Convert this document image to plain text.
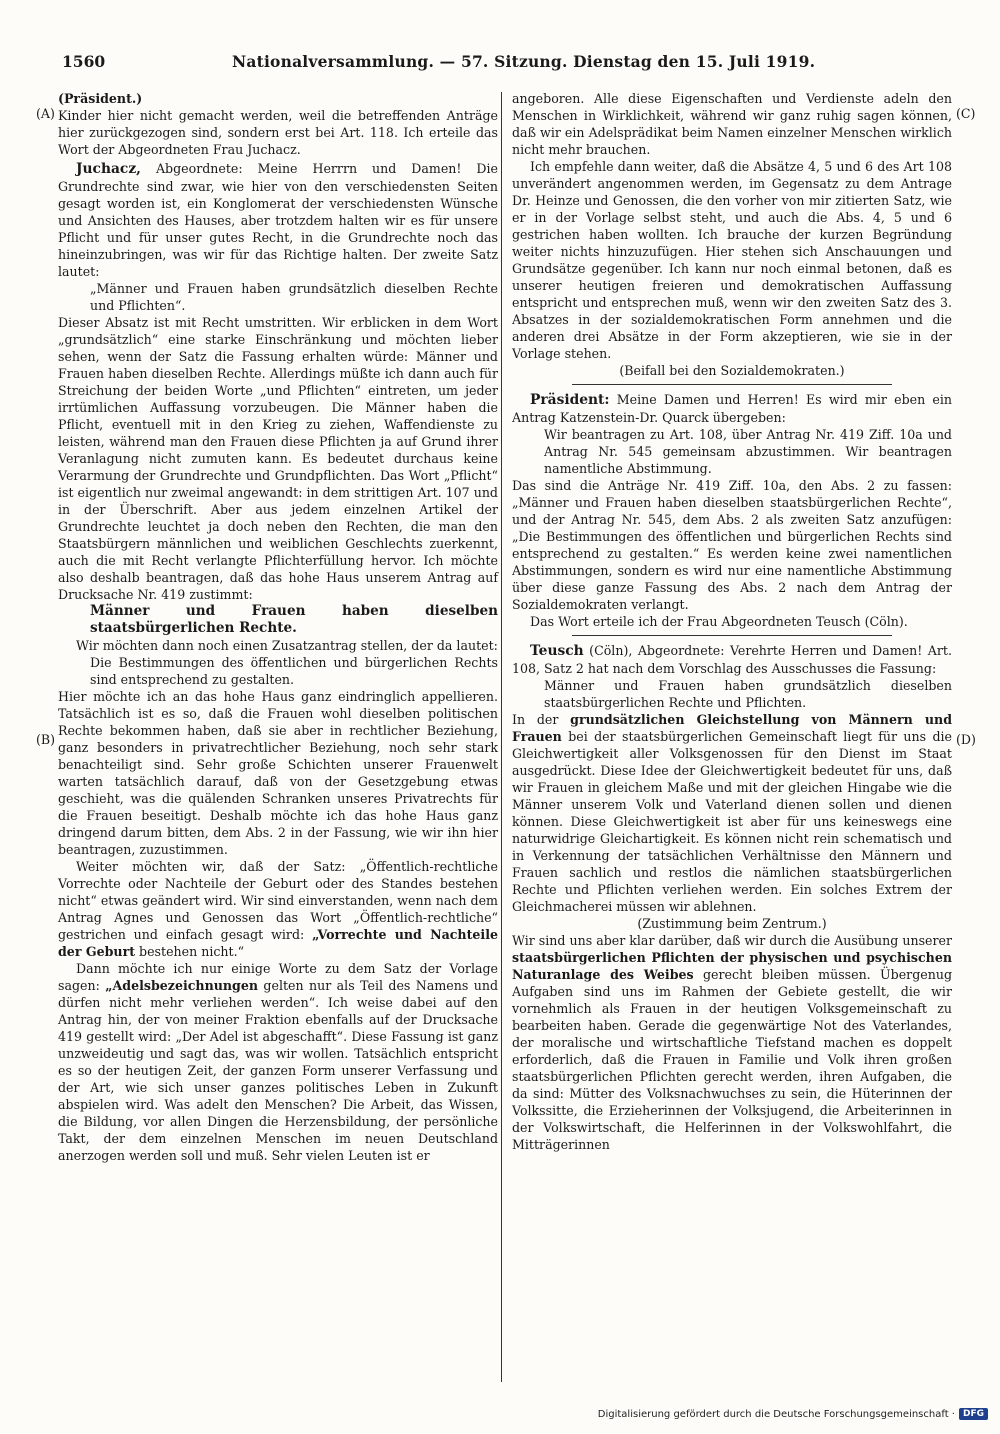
1560	Nationalversammlung. — 57. Sitzung. Dienstag den 15. Juli 1919.
(A)
(B)
(C)
(D)

(Präsident.)

Kinder hier nicht gemacht werden, weil die betreffenden Anträge hier zurückgezogen sind, sondern erst bei Art. 118. Ich erteile das Wort der Abgeordneten Frau Juchacz.

Juchacz, Abgeordnete: Meine Herrrn und Damen! Die Grundrechte sind zwar, wie hier von den verschiedensten Seiten gesagt worden ist, ein Konglomerat der verschiedensten Wünsche und Ansichten des Hauses, aber trotzdem halten wir es für unsere Pflicht und für unser gutes Recht, in die Grundrechte noch das hineinzubringen, was wir für das Richtige halten. Der zweite Satz lautet:

„Männer und Frauen haben grundsätzlich dieselben Rechte und Pflichten“.

Dieser Absatz ist mit Recht umstritten. Wir erblicken in dem Wort „grundsätzlich“ eine starke Einschränkung und möchten lieber sehen, wenn der Satz die Fassung erhalten würde: Männer und Frauen haben dieselben Rechte. Allerdings müßte ich dann auch für Streichung der beiden Worte „und Pflichten“ eintreten, um jeder irrtümlichen Auffassung vorzubeugen. Die Männer haben die Pflicht, eventuell mit in den Krieg zu ziehen, Waffendienste zu leisten, während man den Frauen diese Pflichten ja auf Grund ihrer Veranlagung nicht zumuten kann. Es bedeutet durchaus keine Verarmung der Grundrechte und Grundpflichten. Das Wort „Pflicht“ ist eigentlich nur zweimal angewandt: in dem strittigen Art. 107 und in der Überschrift. Aber aus jedem einzelnen Artikel der Grundrechte leuchtet ja doch neben den Rechten, die man den Staatsbürgern männlichen und weiblichen Geschlechts zuerkennt, auch die mit Recht verlangte Pflichterfüllung hervor. Ich möchte also deshalb beantragen, daß das hohe Haus unserem Antrag auf Drucksache Nr. 419 zustimmt:

Männer und Frauen haben dieselben staatsbürgerlichen Rechte.

Wir möchten dann noch einen Zusatzantrag stellen, der da lautet:

Die Bestimmungen des öffentlichen und bürgerlichen Rechts sind entsprechend zu gestalten.

Hier möchte ich an das hohe Haus ganz eindringlich appellieren. Tatsächlich ist es so, daß die Frauen wohl dieselben politischen Rechte bekommen haben, daß sie aber in rechtlicher Beziehung, ganz besonders in privatrechtlicher Beziehung, noch sehr stark benachteiligt sind. Sehr große Schichten unserer Frauenwelt warten tatsächlich darauf, daß von der Gesetzgebung etwas geschieht, was die quälenden Schranken unseres Privatrechts für die Frauen beseitigt. Deshalb möchte ich das hohe Haus ganz dringend darum bitten, dem Abs. 2 in der Fassung, wie wir ihn hier beantragen, zuzustimmen.

Weiter möchten wir, daß der Satz: „Öffentlich-rechtliche Vorrechte oder Nachteile der Geburt oder des Standes bestehen nicht“ etwas geändert wird. Wir sind einverstanden, wenn nach dem Antrag Agnes und Genossen das Wort „Öffentlich-rechtliche“ gestrichen und einfach gesagt wird: „Vorrechte und Nachteile der Geburt bestehen nicht.“

Dann möchte ich nur einige Worte zu dem Satz der Vorlage sagen: „Adelsbezeichnungen gelten nur als Teil des Namens und dürfen nicht mehr verliehen werden“. Ich weise dabei auf den Antrag hin, der von meiner Fraktion ebenfalls auf der Drucksache 419 gestellt wird: „Der Adel ist abgeschafft“. Diese Fassung ist ganz unzweideutig und sagt das, was wir wollen. Tatsächlich entspricht es so der heutigen Zeit, der ganzen Form unserer Verfassung und der Art, wie sich unser ganzes politisches Leben in Zukunft abspielen wird. Was adelt den Menschen? Die Arbeit, das Wissen, die Bildung, vor allen Dingen die Herzensbildung, der persönliche Takt, der dem einzelnen Menschen im neuen Deutschland anerzogen werden soll und muß. Sehr vielen Leuten ist er

angeboren. Alle diese Eigenschaften und Verdienste adeln den Menschen in Wirklichkeit, während wir ganz ruhig sagen können, daß wir ein Adelsprädikat beim Namen einzelner Menschen wirklich nicht mehr brauchen.

Ich empfehle dann weiter, daß die Absätze 4, 5 und 6 des Art 108 unverändert angenommen werden, im Gegensatz zu dem Antrage Dr. Heinze und Genossen, die den vorher von mir zitierten Satz, wie er in der Vorlage selbst steht, und auch die Abs. 4, 5 und 6 gestrichen haben wollten. Ich brauche der kurzen Begründung weiter nichts hinzuzufügen. Hier stehen sich Anschauungen und Grundsätze gegenüber. Ich kann nur noch einmal betonen, daß es unserer heutigen freieren und demokratischen Auffassung entspricht und entsprechen muß, wenn wir den zweiten Satz des 3. Absatzes in der sozialdemokratischen Form annehmen und die anderen drei Absätze in der Form akzeptieren, wie sie in der Vorlage stehen.

(Beifall bei den Sozialdemokraten.)

Präsident: Meine Damen und Herren! Es wird mir eben ein Antrag Katzenstein-Dr. Quarck übergeben:

Wir beantragen zu Art. 108, über Antrag Nr. 419 Ziff. 10a und Antrag Nr. 545 gemeinsam abzustimmen. Wir beantragen namentliche Abstimmung.

Das sind die Anträge Nr. 419 Ziff. 10a, den Abs. 2 zu fassen: „Männer und Frauen haben dieselben staatsbürgerlichen Rechte“, und der Antrag Nr. 545, dem Abs. 2 als zweiten Satz anzufügen: „Die Bestimmungen des öffentlichen und bürgerlichen Rechts sind entsprechend zu gestalten.“ Es werden keine zwei namentlichen Abstimmungen, sondern es wird nur eine namentliche Abstimmung über diese ganze Fassung des Abs. 2 nach dem Antrag der Sozialdemokraten verlangt.

Das Wort erteile ich der Frau Abgeordneten Teusch (Cöln).

Teusch (Cöln), Abgeordnete: Verehrte Herren und Damen! Art. 108, Satz 2 hat nach dem Vorschlag des Ausschusses die Fassung:

Männer und Frauen haben grundsätzlich dieselben staatsbürgerlichen Rechte und Pflichten.

In der grundsätzlichen Gleichstellung von Männern und Frauen bei der staatsbürgerlichen Gemeinschaft liegt für uns die Gleichwertigkeit aller Volksgenossen für den Dienst im Staat ausgedrückt. Diese Idee der Gleichwertigkeit bedeutet für uns, daß wir Frauen in gleichem Maße und mit der gleichen Hingabe wie die Männer unserem Volk und Vaterland dienen sollen und dienen können. Diese Gleichwertigkeit ist aber für uns keineswegs eine naturwidrige Gleichartigkeit. Es können nicht rein schematisch und in Verkennung der tatsächlichen Verhältnisse den Männern und Frauen sachlich und restlos die nämlichen staatsbürgerlichen Rechte und Pflichten verliehen werden. Ein solches Extrem der Gleichmacherei müssen wir ablehnen.

(Zustimmung beim Zentrum.)

Wir sind uns aber klar darüber, daß wir durch die Ausübung unserer staatsbürgerlichen Pflichten der physischen und psychischen Naturanlage des Weibes gerecht bleiben müssen. Übergenug Aufgaben sind uns im Rahmen der Gebiete gestellt, die wir vornehmlich als Frauen in der heutigen Volksgemeinschaft zu bearbeiten haben. Gerade die gegenwärtige Not des Vaterlandes, der moralische und wirtschaftliche Tiefstand machen es doppelt erforderlich, daß die Frauen in Familie und Volk ihren großen staatsbürgerlichen Pflichten gerecht werden, ihren Aufgaben, die da sind: Mütter des Volksnachwuchses zu sein, die Hüterinnen der Volkssitte, die Erzieherinnen der Volksjugend, die Arbeiterinnen in der Volkswirtschaft, die Helferinnen in der Volkswohlfahrt, die Mitträgerinnen

Digitalisierung gefördert durch die Deutsche Forschungsgemeinschaft · DFG
